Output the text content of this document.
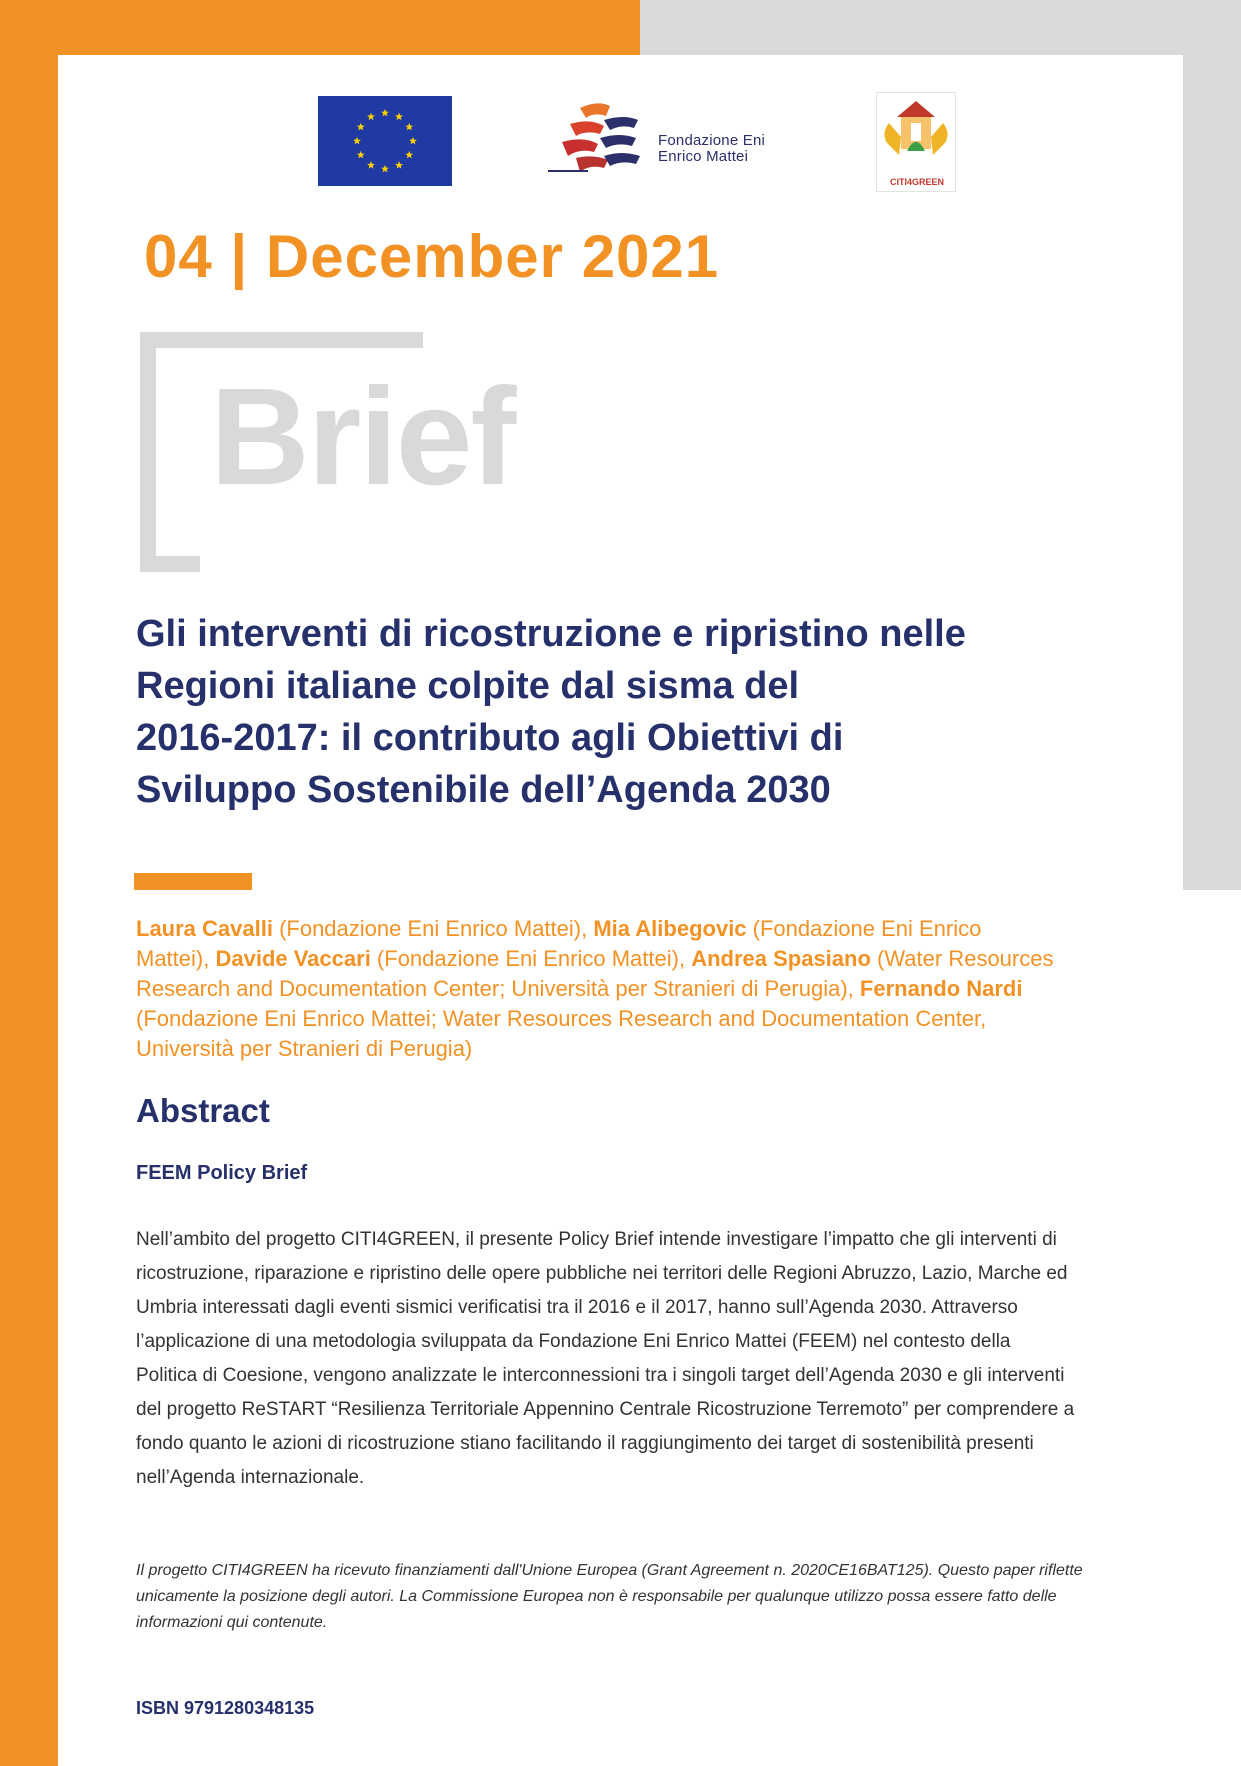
Fondazione Eni
Enrico Mattei
CITI4GREEN
04 | December 2021
Brief
Gli interventi di ricostruzione e ripristino nelle
Regioni italiane colpite dal sisma del
2016-2017: il contributo agli Obiettivi di
Sviluppo Sostenibile dell’Agenda 2030
Laura Cavalli (Fondazione Eni Enrico Mattei), Mia Alibegovic (Fondazione Eni Enrico Mattei), Davide Vaccari (Fondazione Eni Enrico Mattei), Andrea Spasiano (Water Resources Research and Documentation Center; Università per Stranieri di Perugia), Fernando Nardi (Fondazione Eni Enrico Mattei; Water Resources Research and Documentation Center, Università per Stranieri di Perugia)
Abstract
FEEM Policy Brief
Nell’ambito del progetto CITI4GREEN, il presente Policy Brief intende investigare l’impatto che gli interventi di ricostruzione, riparazione e ripristino delle opere pubbliche nei territori delle Regioni Abruzzo, Lazio, Marche ed Umbria interessati dagli eventi sismici verificatisi tra il 2016 e il 2017, hanno sull’Agenda 2030. Attraverso l’applicazione di una metodologia sviluppata da Fondazione Eni Enrico Mattei (FEEM) nel contesto della Politica di Coesione, vengono analizzate le interconnessioni tra i singoli target dell’Agenda 2030 e gli interventi del progetto ReSTART “Resilienza Territoriale Appennino Centrale Ricostruzione Terremoto” per comprendere a fondo quanto le azioni di ricostruzione stiano facilitando il raggiungimento dei target di sostenibilità presenti nell’Agenda internazionale.
Il progetto CITI4GREEN ha ricevuto finanziamenti dall'Unione Europea (Grant Agreement n. 2020CE16BAT125). Questo paper riflette unicamente la posizione degli autori. La Commissione Europea non è responsabile per qualunque utilizzo possa essere fatto delle informazioni qui contenute.
ISBN 9791280348135
